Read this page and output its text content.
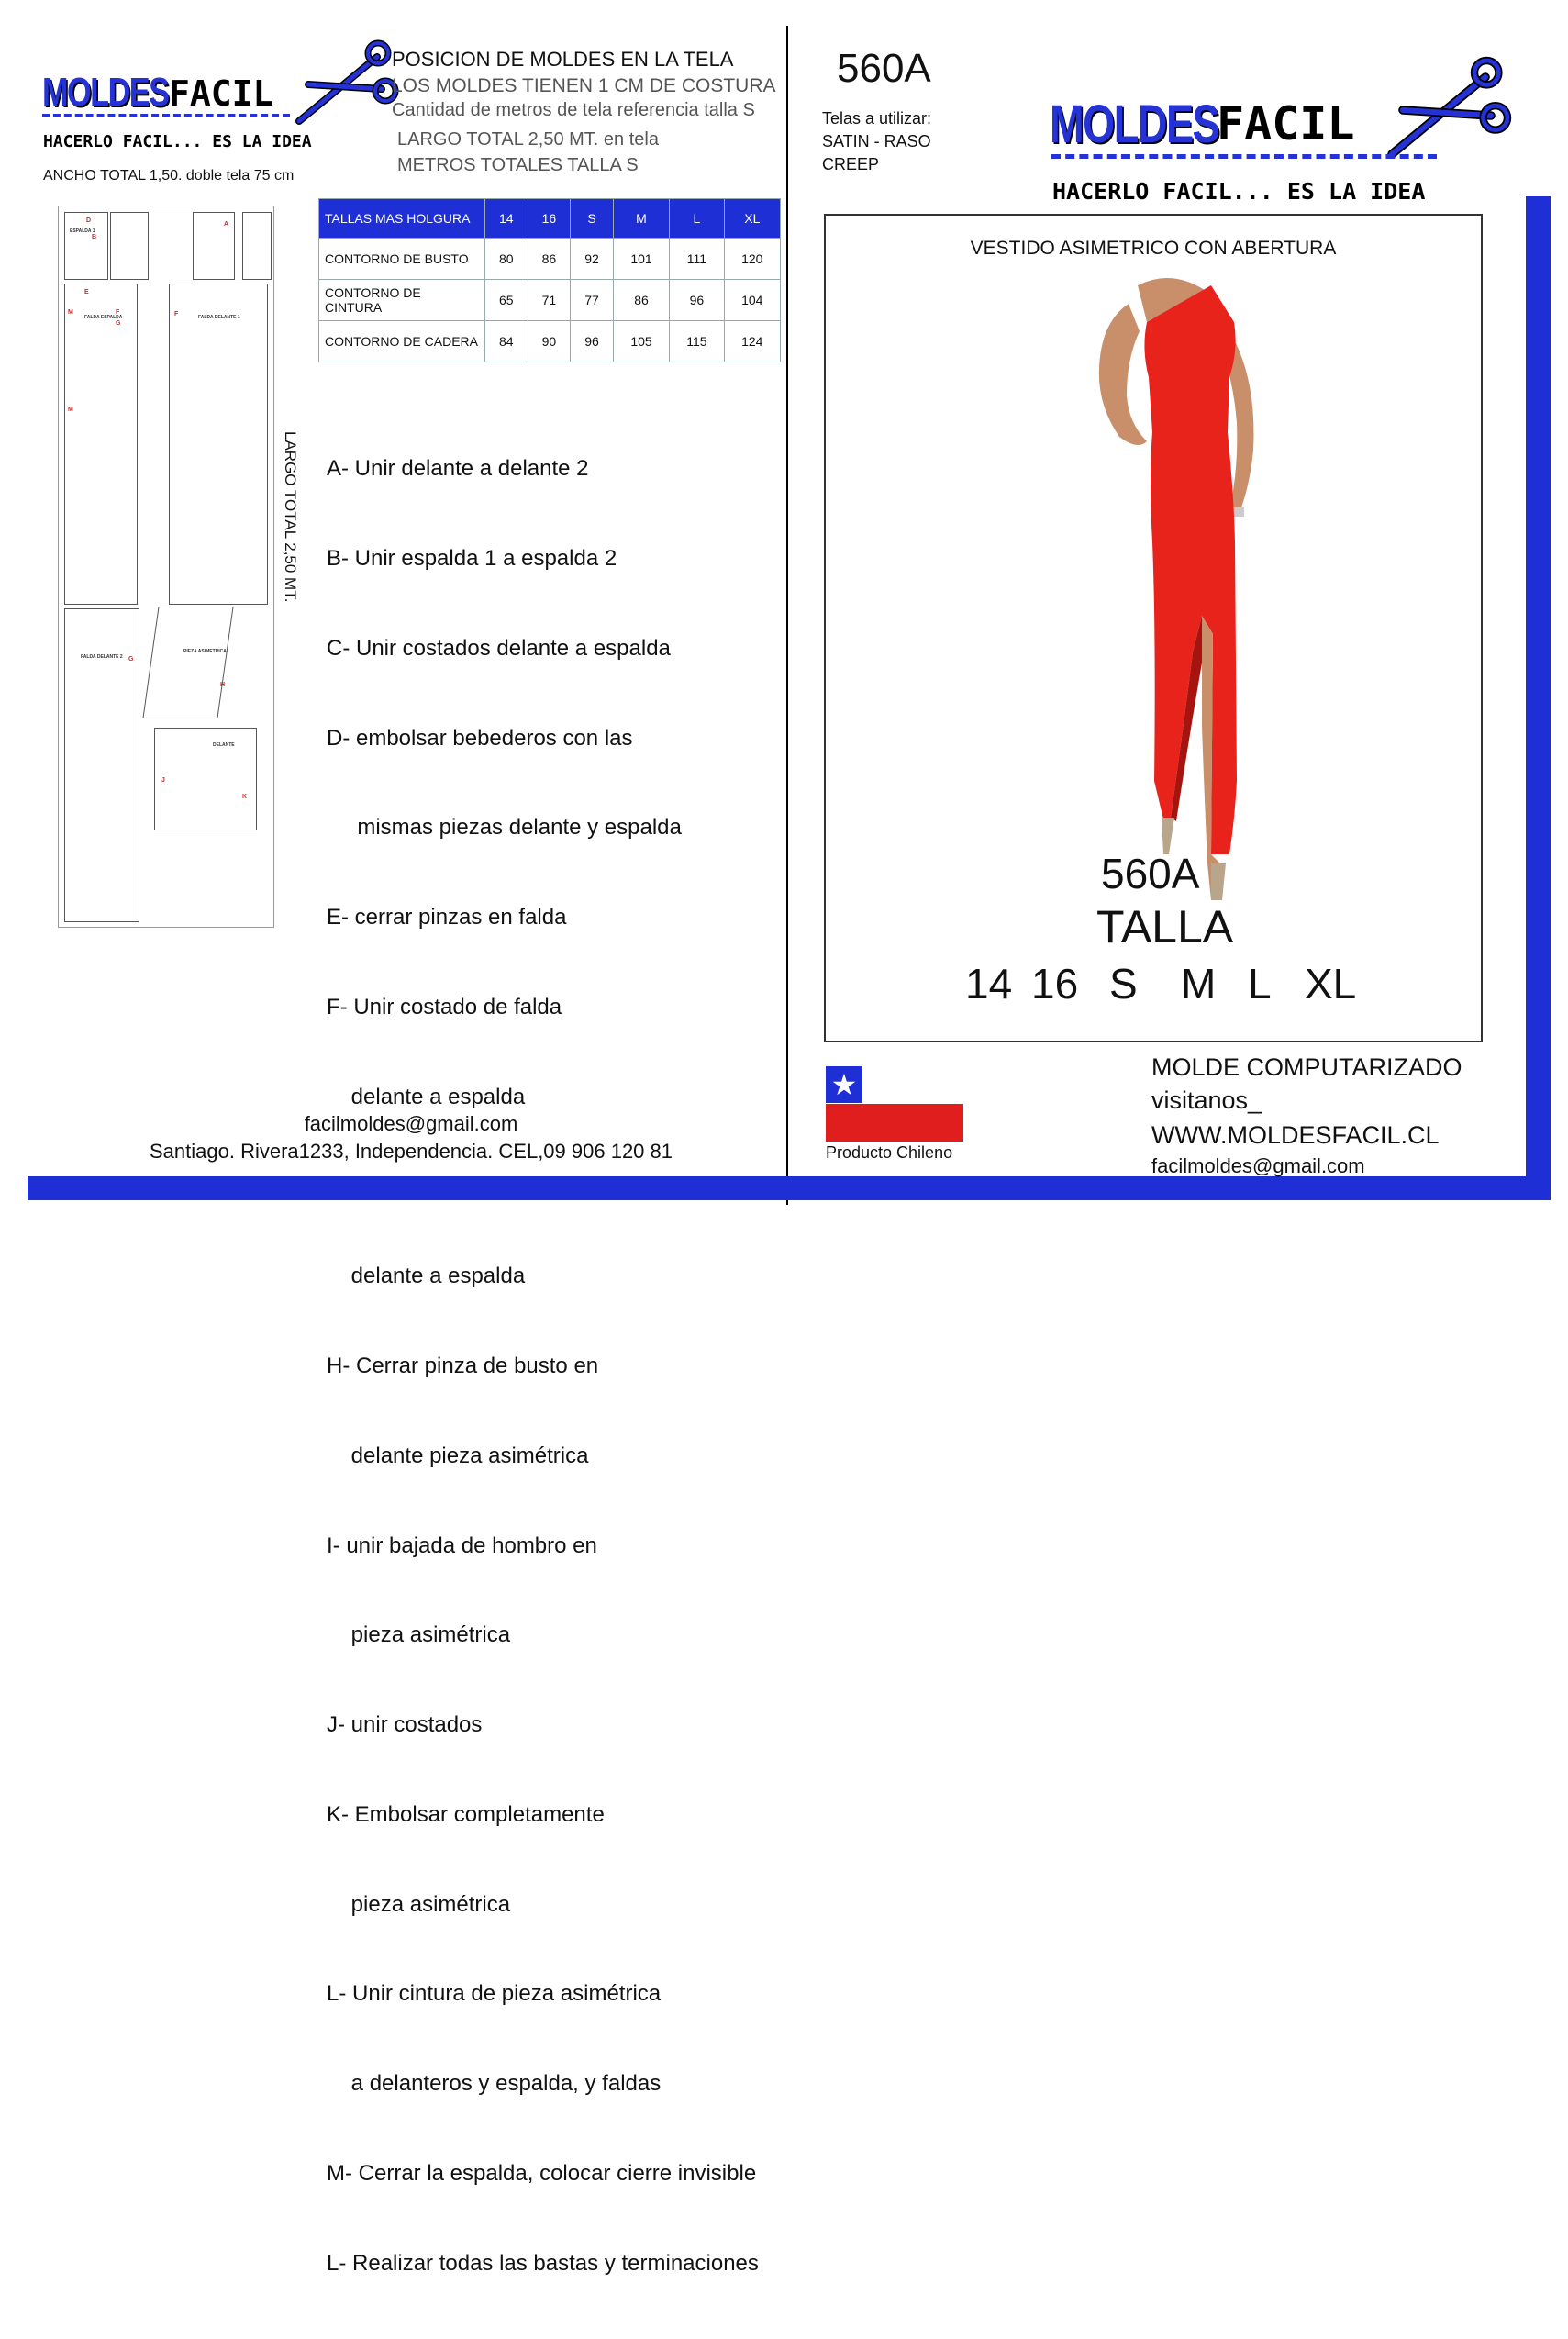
MOLDES FACIL
HACERLO FACIL... ES LA IDEA
ANCHO TOTAL 1,50. doble tela 75 cm
POSICION DE MOLDES EN LA TELA
LOS MOLDES TIENEN 1 CM DE COSTURA
Cantidad de metros de tela referencia talla S
LARGO TOTAL 2,50 MT. en tela
METROS TOTALES TALLA S
D
B
A
E
M	F
G
M
F
G
H
J
K
ESPALDA 1
FALDA ESPALDA	FALDA DELANTE 1
FALDA DELANTE 2
PIEZA ASIMETRICA
DELANTE
LARGO TOTAL 2,50 MT.
TALLAS MAS HOLGURA	14	16	S	M	L	XL
CONTORNO DE BUSTO	80	86	92	101	111	120
CONTORNO DE CINTURA	65	71	77	86	96	104
CONTORNO DE CADERA	84	90	96	105	115	124

A- Unir delante a delante 2

B- Unir espalda 1 a espalda 2

C- Unir costados delante a espalda

D- embolsar bebederos con las

mismas piezas delante y espalda

E- cerrar pinzas en falda

F- Unir costado de falda

delante a espalda

delante a espalda

H- Cerrar pinza de busto en

delante pieza asimétrica

I- unir bajada de hombro en

pieza asimétrica

J- unir costados

K- Embolsar completamente

pieza asimétrica

L- Unir cintura de pieza asimétrica

a delanteros y espalda, y faldas

M- Cerrar la espalda, colocar cierre invisible

L- Realizar todas las bastas y terminaciones

facilmoldes@gmail.com
Santiago. Rivera1233, Independencia. CEL,09 906 120 81
560A
Telas a utilizar:
SATIN - RASO
CREEP
MOLDES
FACIL
HACERLO FACIL... ES LA IDEA
VESTIDO ASIMETRICO CON ABERTURA
560A
TALLA
14 16 S M L XL
★
Producto Chileno
MOLDE COMPUTARIZADO
visitanos_
WWW.MOLDESFACIL.CL
facilmoldes@gmail.com
